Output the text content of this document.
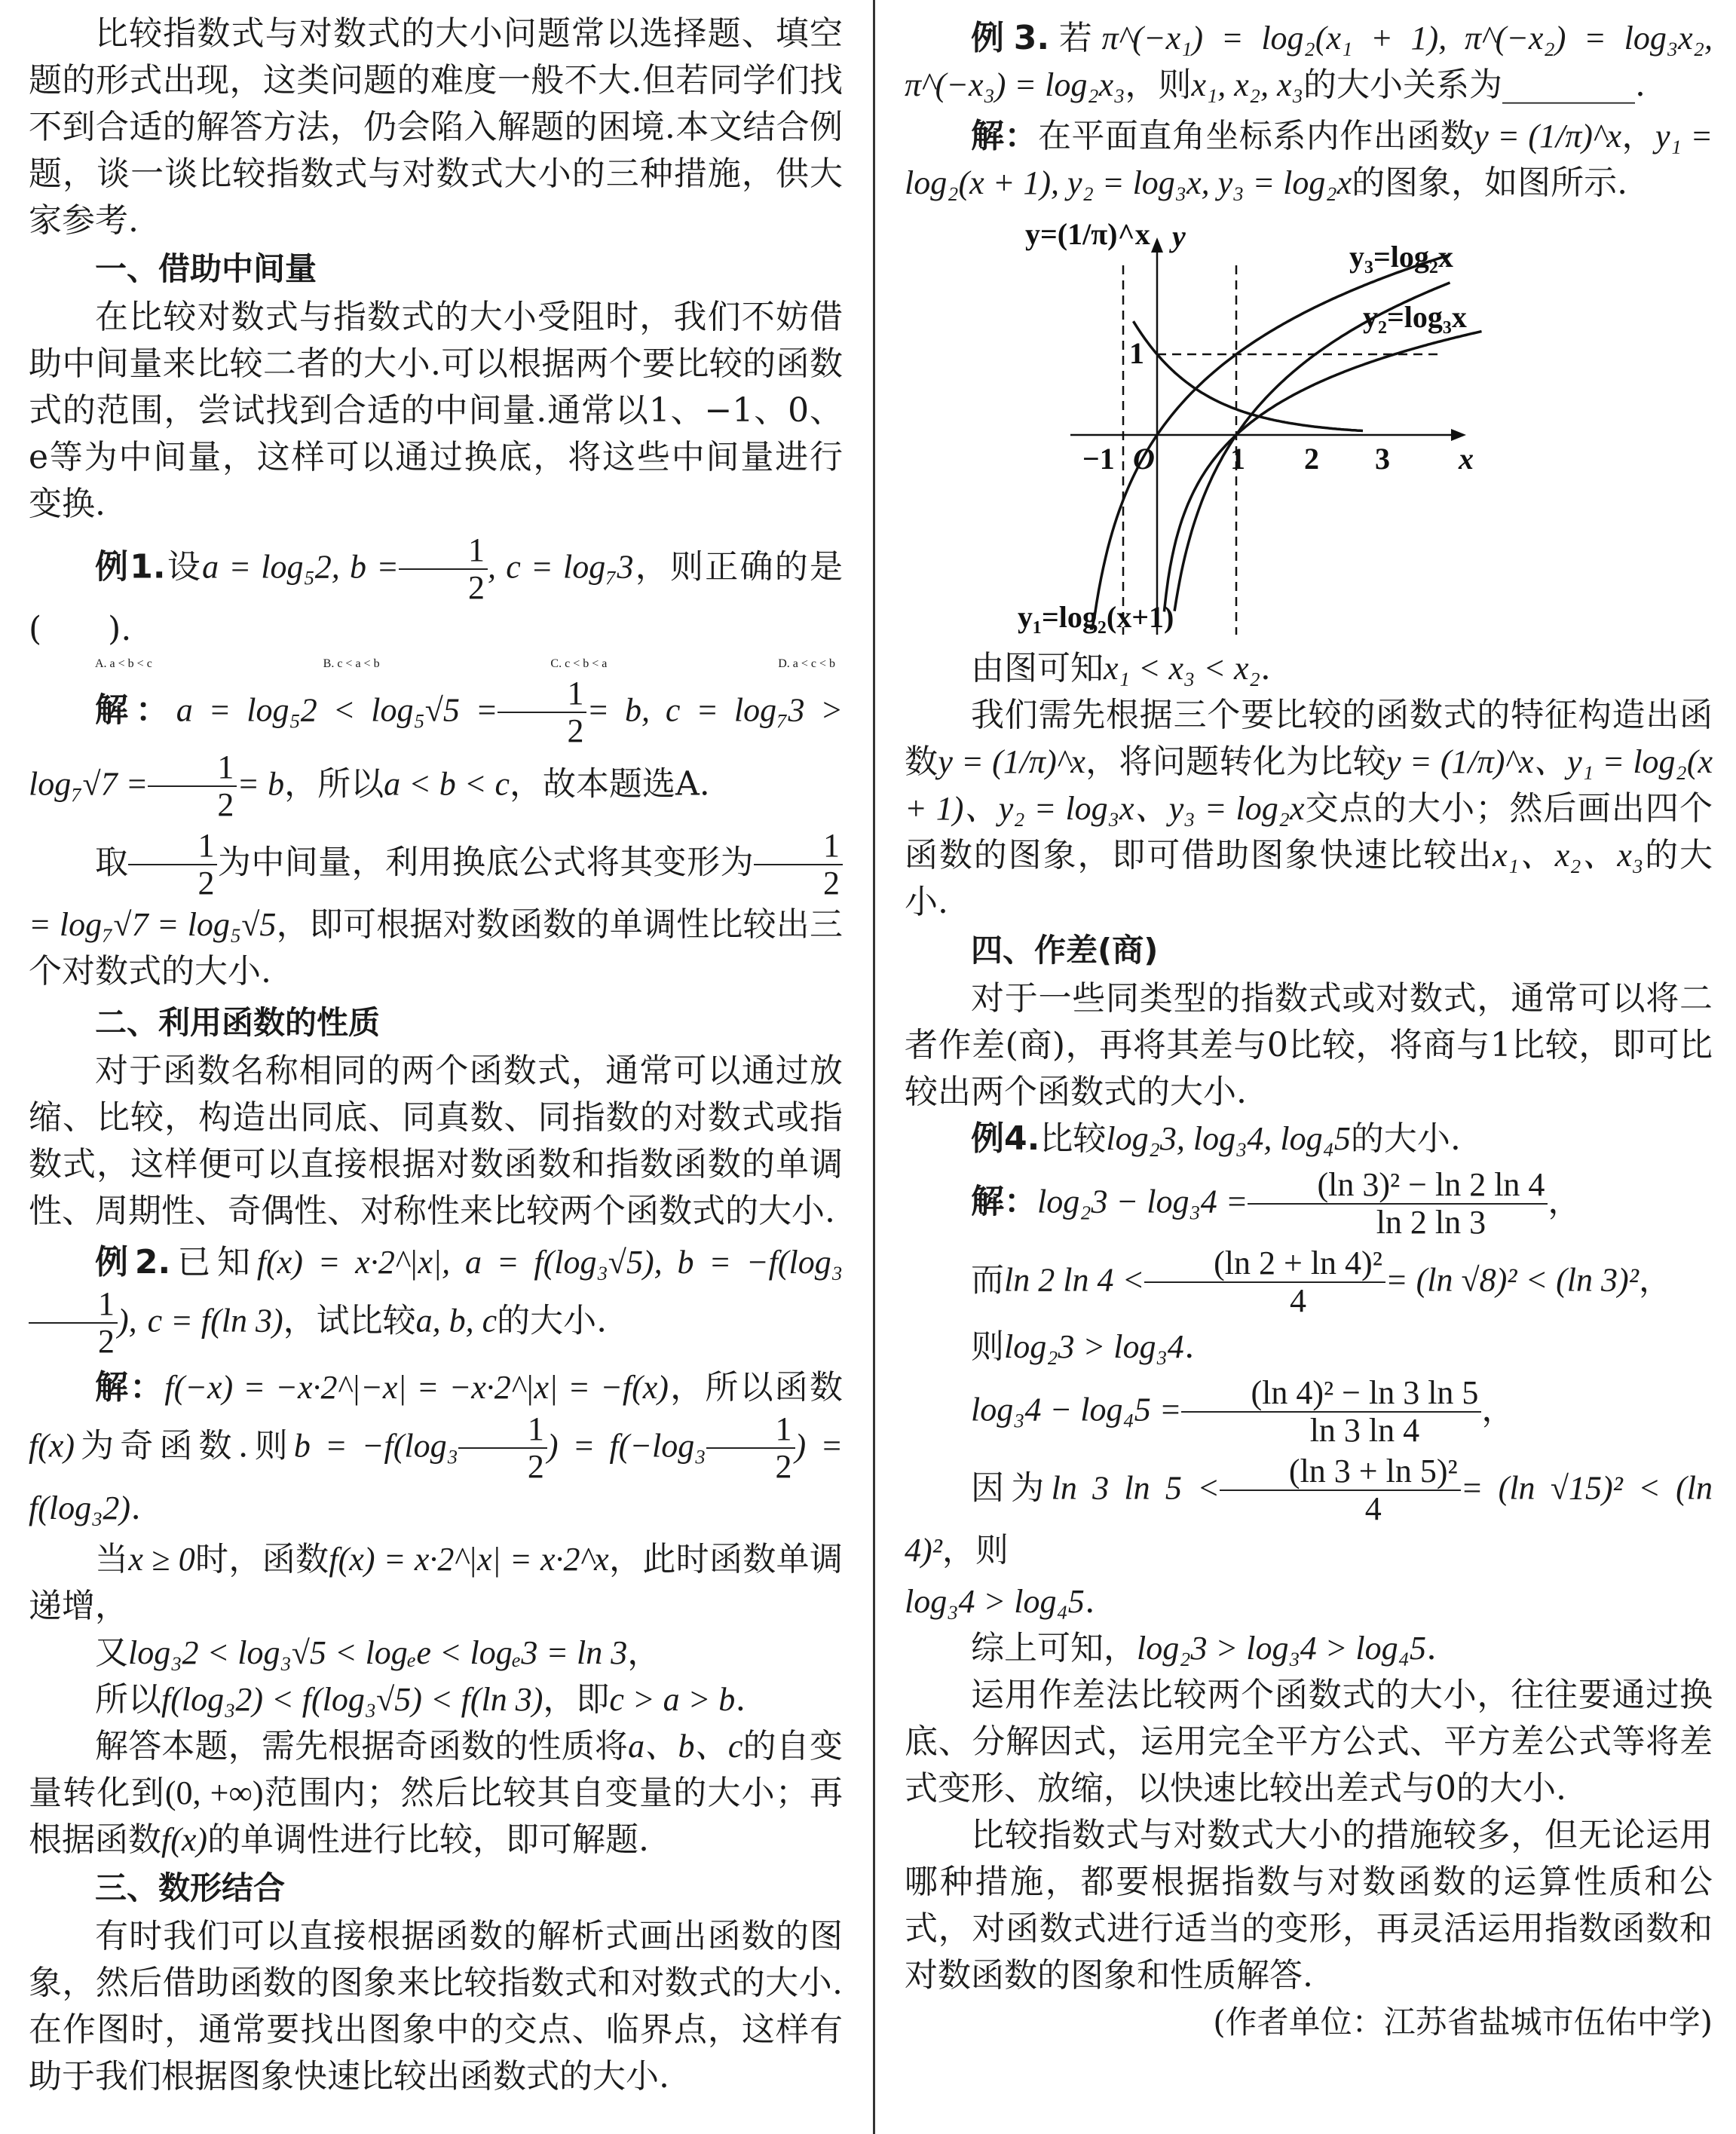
比较指数式与对数式的大小问题常以选择题、填空题的形式出现，这类问题的难度一般不大.但若同学们找不到合适的解答方法，仍会陷入解题的困境.本文结合例题，谈一谈比较指数式与对数式大小的三种措施，供大家参考.

一、借助中间量

在比较对数式与指数式的大小受阻时，我们不妨借助中间量来比较二者的大小.可以根据两个要比较的函数式的范围，尝试找到合适的中间量.通常以1、−1、0、e等为中间量，这样可以通过换底，将这些中间量进行变换.

例1.设a = log₅2, $b = \frac{1}{2}$ , c = log₇3，则正确的是(　　).

A. a < b < c	B. c < a < b	C. c < b < a	D. a < c < b

解：$a = \log_52 < \log_5√5 = \frac{1}{2} = b$, $c = \log_73 > \log_7√7 = \frac{1}{2} = b$，所以a < b < c，故本题选A.

取 $\frac{1}{2}$ 为中间量，利用换底公式将其变形为 $\frac{1}{2}$
= log₇√7 = log₅√5，即可根据对数函数的单调性比较出三个对数式的大小.

二、利用函数的性质

对于函数名称相同的两个函数式，通常可以通过放缩、比较，构造出同底、同真数、同指数的对数式或指数式，这样便可以直接根据对数函数和指数函数的单调性、周期性、奇偶性、对称性来比较两个函数式的大小.

例2.已知f(x) = x·2^|x|, a = f(log₃√5), b = −f(log₃
$\frac{1}{2}$ ), c = f(ln 3)，试比较a, b, c的大小.

解：f(−x) = −x·2^|−x| = −x·2^|x| = −f(x)，所以函数f(x)为奇函数.则$b = -f(\log_3 \frac{1}{2}$ ) = $f(-\log_3 \frac{1}{2}$ ) = f(log₃2).

当x ≥ 0时，函数f(x) = x·2^|x| = x·2^x，此时函数单调递增，

又log₃2 < log₃√5 < logₑe < logₑ3 = ln 3，

所以f(log₃2) < f(log₃√5) < f(ln 3)，即c > a > b.

解答本题，需先根据奇函数的性质将a、b、c的自变量转化到(0, +∞)范围内；然后比较其自变量的大小；再根据函数f(x)的单调性进行比较，即可解题.

三、数形结合

有时我们可以直接根据函数的解析式画出函数的图象，然后借助函数的图象来比较指数式和对数式的大小.在作图时，通常要找出图象中的交点、临界点，这样有助于我们根据图象快速比较出函数式的大小.

例3.若π^(−x₁) = log₂(x₁ + 1), π^(−x₂) = log₃x₂, π^(−x₃) = log₂x₃，则x₁, x₂, x₃的大小关系为________.

解：在平面直角坐标系内作出函数y = (1/π)^x，y₁ = log₂(x + 1), y₂ = log₃x, y₃ = log₂x的图象，如图所示.

y=(1/π)^x y
y₃=log₂x
y₂=log₃x
y₁=log₂(x+1)
1
O
−1	1 2 3 x

由图可知x₁ < x₃ < x₂.

我们需先根据三个要比较的函数式的特征构造出函数y = (1/π)^x，将问题转化为比较y = (1/π)^x、y₁ = log₂(x + 1)、y₂ = log₃x、y₃ = log₂x交点的大小；然后画出四个函数的图象，即可借助图象快速比较出x₁、x₂、x₃的大小.

四、作差(商)

对于一些同类型的指数式或对数式，通常可以将二者作差(商)，再将其差与0比较，将商与1比较，即可比较出两个函数式的大小.

例4.比较log₂3, log₃4, log₄5的大小.

解：$\log_23 - \log_34 = \frac{\text{(ln 3)² − ln 2 ln 4}}{\ln 2 \ln 3}$ ，

而ln 2 $\ln 4 < \frac{\text{(ln 2 + ln 4)²}}{4} = (\ln$ √8)² < (ln 3)²，

则log₂3 > log₃4.

$\log_34 - \log_45 = \frac{\text{(ln 4)² − ln 3 ln 5}}{\ln 3 \ln 4}$ ，

因为ln 3 $\ln 5 < \frac{\text{(ln 3 + ln 5)²}}{4} = (\ln$ √15)² < (ln 4)²，则

log₃4 > log₄5.

综上可知，log₂3 > log₃4 > log₄5.

运用作差法比较两个函数式的大小，往往要通过换底、分解因式，运用完全平方公式、平方差公式等将差式变形、放缩，以快速比较出差式与0的大小.

比较指数式与对数式大小的措施较多，但无论运用哪种措施，都要根据指数与对数函数的运算性质和公式，对函数式进行适当的变形，再灵活运用指数函数和对数函数的图象和性质解答.

(作者单位：江苏省盐城市伍佑中学)
